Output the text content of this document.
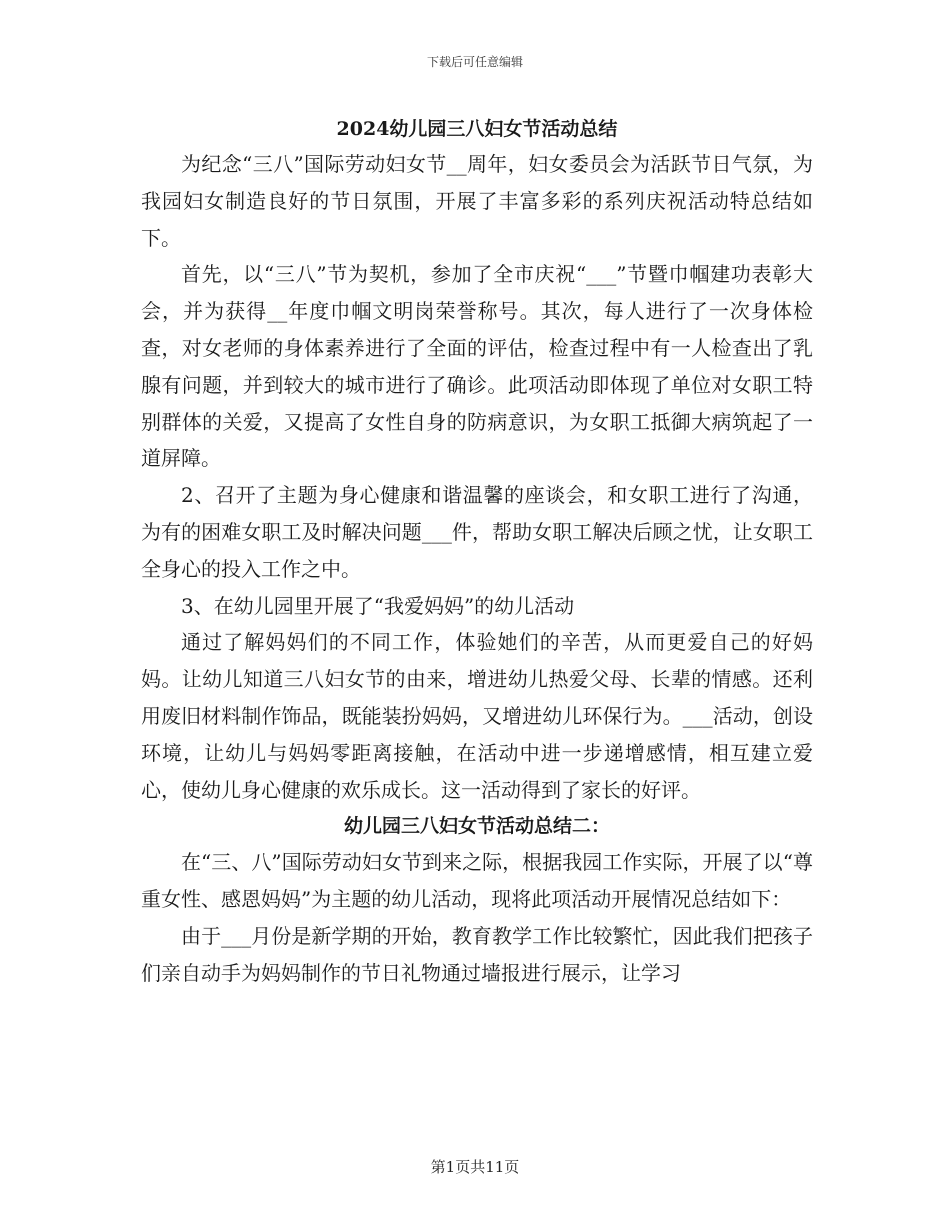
下载后可任意编辑
2024幼儿园三八妇女节活动总结

为纪念“三八”国际劳动妇女节__周年，妇女委员会为活跃节日气氛，为我园妇女制造良好的节日氛围，开展了丰富多彩的系列庆祝活动特总结如下。

首先，以“三八”节为契机，参加了全市庆祝“___”节暨巾帼建功表彰大会，并为获得__年度巾帼文明岗荣誉称号。其次，每人进行了一次身体检查，对女老师的身体素养进行了全面的评估，检查过程中有一人检查出了乳腺有问题，并到较大的城市进行了确诊。此项活动即体现了单位对女职工特别群体的关爱，又提高了女性自身的防病意识，为女职工抵御大病筑起了一道屏障。

2、召开了主题为身心健康和谐温馨的座谈会，和女职工进行了沟通，为有的困难女职工及时解决问题___件，帮助女职工解决后顾之忧，让女职工全身心的投入工作之中。

3、在幼儿园里开展了“我爱妈妈”的幼儿活动

通过了解妈妈们的不同工作，体验她们的辛苦，从而更爱自己的好妈妈。让幼儿知道三八妇女节的由来，增进幼儿热爱父母、长辈的情感。还利用废旧材料制作饰品，既能装扮妈妈，又增进幼儿环保行为。___活动，创设环境，让幼儿与妈妈零距离接触，在活动中进一步递增感情，相互建立爱心，使幼儿身心健康的欢乐成长。这一活动得到了家长的好评。

幼儿园三八妇女节活动总结二：

在“三、八”国际劳动妇女节到来之际，根据我园工作实际，开展了以“尊重女性、感恩妈妈”为主题的幼儿活动，现将此项活动开展情况总结如下：

由于___月份是新学期的开始，教育教学工作比较繁忙，因此我们把孩子们亲自动手为妈妈制作的节日礼物通过墙报进行展示，让学习

第1页共11页
